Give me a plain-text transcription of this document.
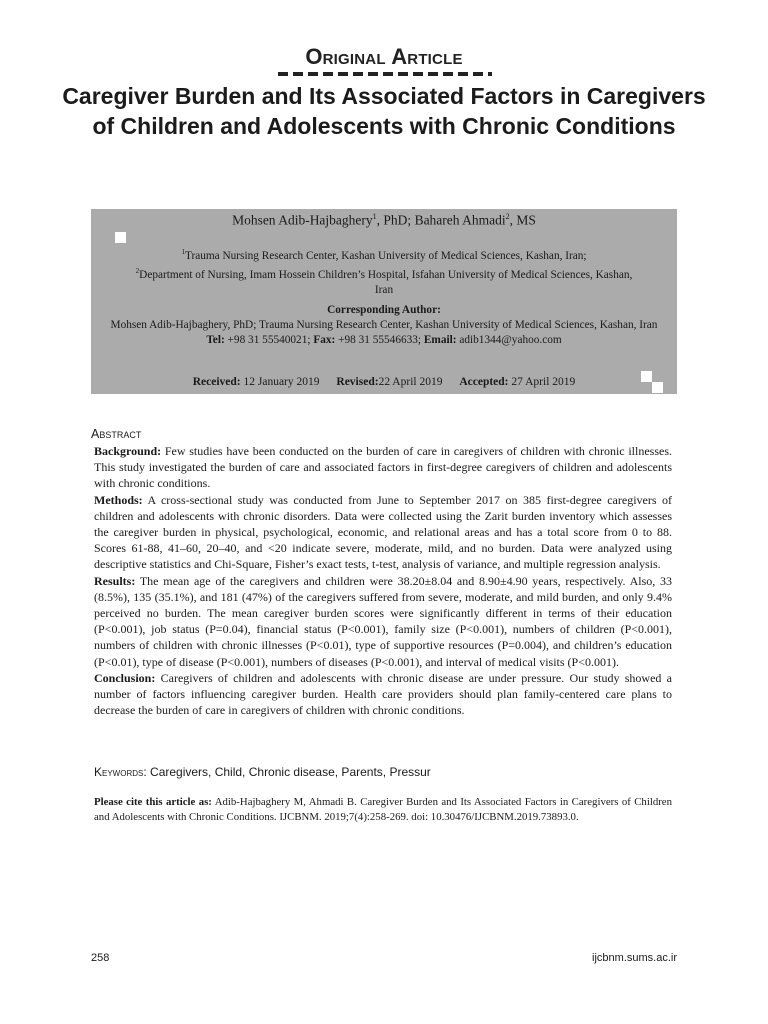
Original Article
Caregiver Burden and Its Associated Factors in Caregivers of Children and Adolescents with Chronic Conditions
Mohsen Adib-Hajbaghery$^1$, PhD; Bahareh Ahmadi$^2$, MS
$^1$Trauma Nursing Research Center, Kashan University of Medical Sciences, Kashan, Iran;
$^2$Department of Nursing, Imam Hossein Children’s Hospital, Isfahan University of Medical Sciences, Kashan, Iran
Corresponding Author:
Mohsen Adib-Hajbaghery, PhD; Trauma Nursing Research Center, Kashan University of Medical Sciences, Kashan, Iran
Tel: +98 31 55540021; Fax: +98 31 55546633; Email: adib1344@yahoo.com
Received: 12 January 2019 Revised:22 April 2019 Accepted: 27 April 2019
Abstract

Background: Few studies have been conducted on the burden of care in caregivers of children with chronic illnesses. This study investigated the burden of care and associated factors in first-degree caregivers of children and adolescents with chronic conditions.

Methods: A cross-sectional study was conducted from June to September 2017 on 385 first-degree caregivers of children and adolescents with chronic disorders. Data were collected using the Zarit burden inventory which assesses the caregiver burden in physical, psychological, economic, and relational areas and has a total score from 0 to 88. Scores 61-88, 41–60, 20–40, and <20 indicate severe, moderate, mild, and no burden. Data were analyzed using descriptive statistics and Chi-Square, Fisher’s exact tests, t-test, analysis of variance, and multiple regression analysis.

Results: The mean age of the caregivers and children were 38.20±8.04 and 8.90±4.90 years, respectively. Also, 33 (8.5%), 135 (35.1%), and 181 (47%) of the caregivers suffered from severe, moderate, and mild burden, and only 9.4% perceived no burden. The mean caregiver burden scores were significantly different in terms of their education (P<0.001), job status (P=0.04), financial status (P<0.001), family size (P<0.001), numbers of children (P<0.001), numbers of children with chronic illnesses (P<0.01), type of supportive resources (P=0.004), and children’s education (P<0.01), type of disease (P<0.001), numbers of diseases (P<0.001), and interval of medical visits (P<0.001).

Conclusion: Caregivers of children and adolescents with chronic disease are under pressure. Our study showed a number of factors influencing caregiver burden. Health care providers should plan family-centered care plans to decrease the burden of care in caregivers of children with chronic conditions.

Keywords: Caregivers, Child, Chronic disease, Parents, Pressur
Please cite this article as: Adib-Hajbaghery M, Ahmadi B. Caregiver Burden and Its Associated Factors in Caregivers of Children and Adolescents with Chronic Conditions. IJCBNM. 2019;7(4):258-269. doi: 10.30476/IJCBNM.2019.73893.0.
258	ijcbnm.sums.ac.ir
